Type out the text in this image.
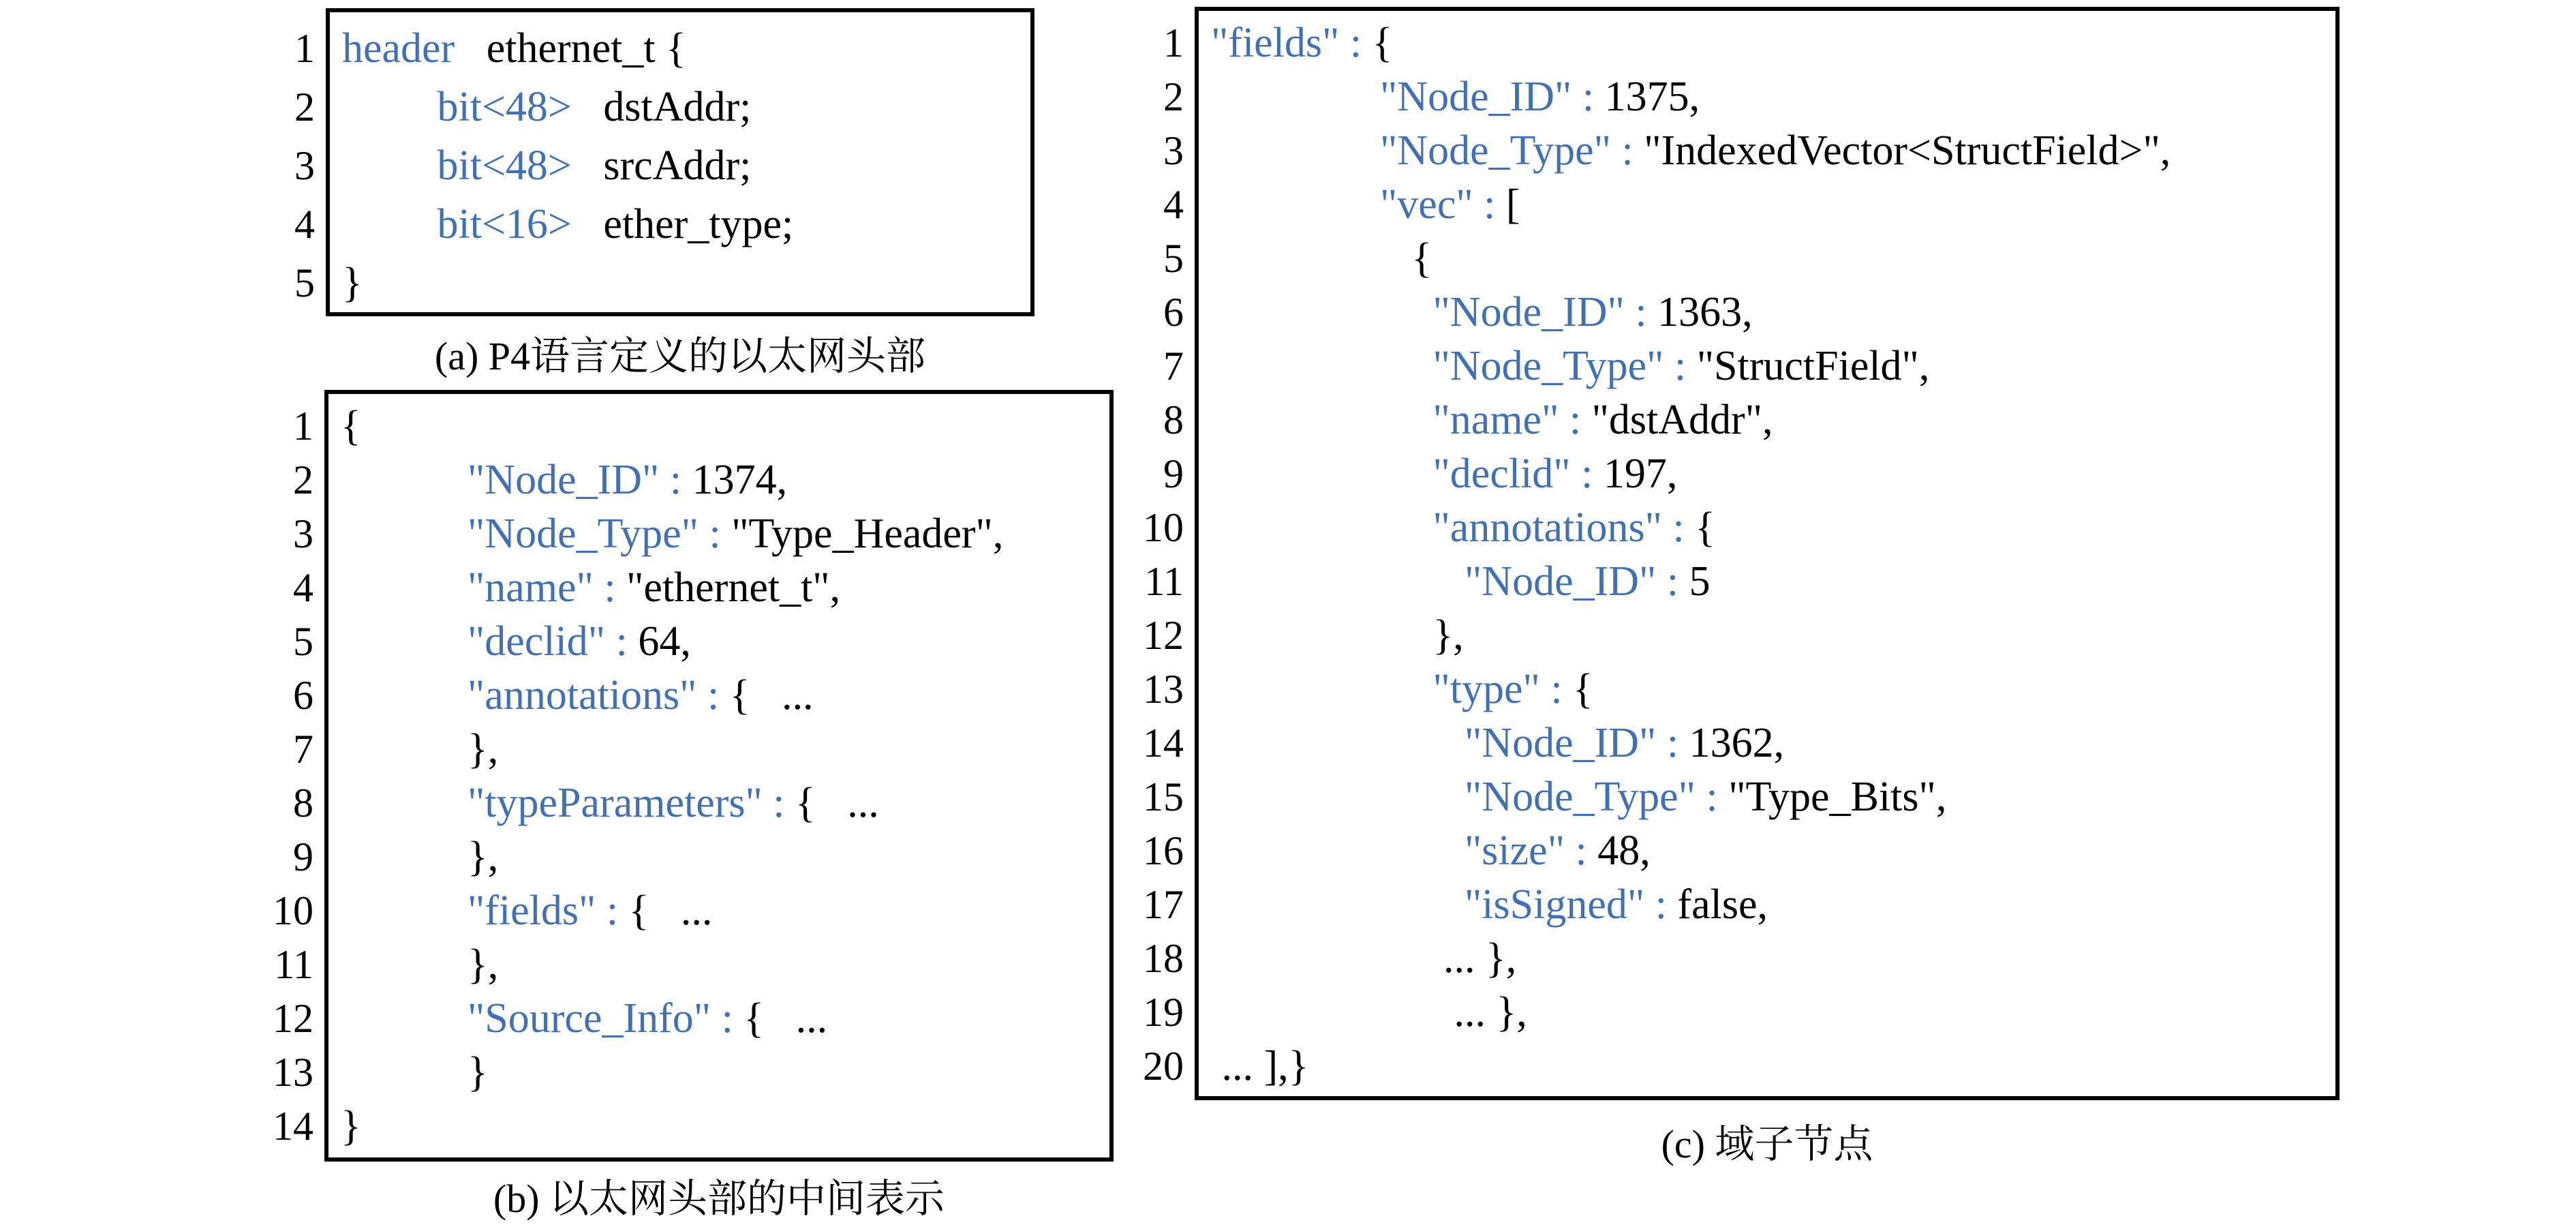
1
2
3
4
5
header   ethernet_t {
bit<48>   dstAddr;
bit<48>   srcAddr;
bit<16>   ether_type;
}
(a) P4语言定义的以太网头部
1
2
3
4
5
6
7
8
9
10
11
12
13
14
{
"Node_ID" : 1374,
"Node_Type" : "Type_Header",
"name" : "ethernet_t",
"declid" : 64,
"annotations" : {   ...
},
"typeParameters" : {   ...
},
"fields" : {   ...
},
"Source_Info" : {   ...
}
}
(b) 以太网头部的中间表示
1
2
3
4
5
6
7
8
9
10
11
12
13
14
15
16
17
18
19
20
"fields" : {
"Node_ID" : 1375,
"Node_Type" : "IndexedVector<StructField>",
"vec" : [
{
"Node_ID" : 1363,
"Node_Type" : "StructField",
"name" : "dstAddr",
"declid" : 197,
"annotations" : {
"Node_ID" : 5
},
"type" : {
"Node_ID" : 1362,
"Node_Type" : "Type_Bits",
"size" : 48,
"isSigned" : false,
... },
... },
... ],}
(c) 域子节点
